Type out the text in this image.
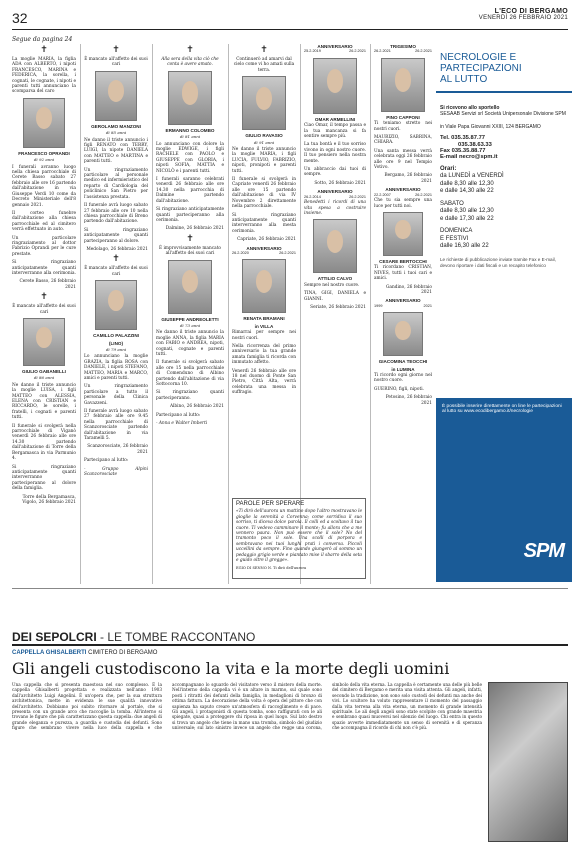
32	L'ECO DI BERGAMO
VENERDÌ 26 FEBBRAIO 2021
Segue da pagina 24
✝

La moglie MARIA, la figlia ADA con ALBERTO, i nipoti FRANCESCO, MARINA e FEDERICA, la sorella, i cognati, le cognate, i nipoti e parenti tutti annunciano la scomparsa del caro

FRANCESCO OPRANDI
di 92 anni

I funerali avranno luogo nella chiesa parrocchiale di Cerete Basso sabato 27 febbraio alle ore 16 partendo dall'abitazione in via Giuseppe Verdi 10 come da Decreto Ministeriale dell'8 gennaio 2021.

Il corteo funebre dall'abitazione alla chiesa parrocchiale ed al cimitero verrà effettuato in auto.

Un particolare ringraziamento al dottor Fabrizio Oprandi per le cure prestate.

Si ringraziano anticipatamente quanti interverranno alla cerimonia.

Cerete Basso, 26 febbraio 2021

✝

È mancato all'affetto dei suoi cari

GIULIO GABANELLI
di 86 anni

Ne danno il triste annuncio la moglie LUISA, i figli MATTEO con ALESSIA, ELENA con CRISTIAN e RICCARDO, le sorelle, i fratelli, i cognati e parenti tutti.

Il funerale si svolgerà nella parrocchiale di Viganò venerdì 26 febbraio alle ore 14.30 partendo dall'abitazione di Torre della Bergamasca in via Parmunio 4.

Si ringraziano anticipatamente quanti interverranno parteciperanno al dolore della famiglia.

Torre della Bergamasca, Vigolo, 26 febbraio 2021

✝

È mancato all'affetto dei suoi cari

GEROLAMO MANZONI
di 85 anni

Ne danno il triste annuncio i figli RENATO con TERRY, LUIGI, la nipote DANIELA con MATTEO e MARTINA e parenti tutti.

Un ringraziamento particolare al personale medico ed infermieristico del reparto di Cardiologia del policlinico San Pietro per l'assistenza prestata.

Il funerale avrà luogo sabato 27 febbraio alle ore 10 nella chiesa parrocchiale di Breno partendo dall'abitazione.

Si ringraziano anticipatamente quanti parteciperanno al dolore.

Medolago, 26 febbraio 2021

✝

È mancato all'affetto dei suoi cari

CAMILLO PALAZZINI
(LINO)
di 79 anni

Lo annunciano la moglie GRAZIA, la figlia ROSA con DANIELE, i nipoti STEFANO, MATTEO, MARIA e MARCO, amici e parenti tutti.

Un ringraziamento particolare a tutto il personale della Clinica Gavazzeni.

Il funerale avrà luogo sabato 27 febbraio alle ore 9.45 nella parrocchiale di Scanzorosciate partendo dall'abitazione in via Taramelli 5.

Scanzorosciate, 26 febbraio 2021

Partecipano al lutto:

- Gruppo Alpini Scanzorosciate

✝

Alla sera della vita ciò che conta è avere amato.

ERMANNO COLOMBO
di 81 anni

Lo annunciano con dolore la moglie EDWIGE, i figli RACHELE con PAOLO e GIUSEPPE con GLORIA, i nipoti SOFIA, MATTIA e NICOLÒ e i parenti tutti.

I funerali saranno celebrati venerdì 26 febbraio alle ore 14.30 nella parrocchia di Dalmine partendo dall'abitazione.

Si ringraziano anticipatamente quanti parteciperanno alla cerimonia.

Dalmine, 26 febbraio 2021

✝

È improvvisamente mancato all'affetto dei suoi cari

GIUSEPPE ANDREOLETTI
di 73 anni

Ne danno il triste annuncio la moglie ANNA, la figlia MARIA con FABIO e ANDREA, nipoti, cognati, cognate e parenti tutti.

Il funerale si svolgerà sabato alle ore 15 nella parrocchiale di Comenduno di Albino partendo dall'abitazione di via Sottocorna 10.

Si ringraziano quanti parteciperanno.

Albino, 26 febbraio 2021

Partecipano al lutto:

- Anna e Walter Imberti

✝

Continuerò ad amarvi dal cielo come vi ho amati sulla terra.

GIULIO RAVASIO
di 91 anni

Ne danno il triste annuncio la moglie MARIA, i figli LUCIA, FULVIO, FABRIZIO, nipoti, pronipoti e parenti tutti.

Il funerale si svolgerà in Capriate venerdì 26 febbraio alle ore 15 partendo dall'abitazione di via IV Novembre 2 direttamente nella parrocchiale.

Si ringraziano anticipatamente quanti interverranno alla mesta cerimonia.

Capriate, 26 febbraio 2021

ANNIVERSARIO
26.2.2020	26.2.2021
RENATA BRAMANI
in VILLA

Rimarrai per sempre nei nostri cuori.

Nella ricorrenza del primo anniversario la tua grande amata famiglia ti ricorda con immutato affetto.

Venerdì 26 febbraio alle ore 18 nel duomo di Ponte San Pietro, Città Alta, verrà celebrata una messa in suffragio.

ANNIVERSARIO
25.2.2019	26.2.2021
OMAR ARMELLINI

Ciao Omar, il tempo passa e la tua mancanza si fa sentire sempre più.

La tua bontà e il tuo sorriso vivono in ogni nostro cuore. Il tuo pensiero nella nostra mente.

Un abbraccio dai tuoi di sempre.

Sotto, 26 febbraio 2021

ANNIVERSARIO
26.2.2014	26.2.2021

Benedetti i ricordi di una vita spesa a costruire insieme.

ATTILIO CALVO

Sempre nel nostro cuore.

TINA, GIGI, DANIELA e GIANNI.

Seriate, 26 febbraio 2021

PAROLE PER SPERARE

«Ti dirò dell'aurora un mattino dopo l'altro mostravano le gioglie la serenità a Corvenna; come sorridiva il suo sorriso, ti diceva dolce parola. Il colli ed a scoltavo il tuo cuore. Ti vedevo camminare il monte; fu allora che a me vennero paura. Non può essere che il sole? No del tramonto poco il sole. Una scolli di porpora e sembravano nei tuoi lunghi prati i conversa. Piccoli uccellini da sempre. Fino quando giungerò al sommo un pedaggio grigio verde e piantato mise il sbarro della seta e guido oltre il gregge».

EGIO DI SENNO N. Ti dirò dell'aurora

TRIGESIMO
26.2.2021	26.2.2021
PINO CAPPONI

Ti teniamo stretto nei nostri cuori.

MAURIZIO, SABRINA, CHIARA.

Una santa messa verrà celebrata oggi 26 febbraio alle ore 9 nel Tempio Votivo.

Bergamo, 26 febbraio 2021

ANNIVERSARIO
22.2.2007	26.2.2021

Che tu sia sempre una luce per tutti noi.

CESARE BERTOCCHI

Ti ricordano CRISTIAN, NIVES, tutti i tuoi cari e amici.

Gandino, 26 febbraio 2021

ANNIVERSARIO
1999	2021
GIACOMINA TEOCCHI
in LUMINA

Ti ricordo ogni giorno nel nostro cuore.

GUERINO, figli, nipoti.

Petosino, 26 febbraio 2021

NECROLOGIE E
PARTECIPAZIONI
AL LUTTO
Si ricevono allo sportello
SESAAB Servizi srl Società Unipersonale Divisione SPM
in Viale Papa Giovanni XXIII, 124 BERGAMO
Tel. 035.35.87.77
035.38.63.33
Fax 035.35.88.77
E-mail necro@spm.it
Orari:
da LUNEDÌ a VENERDÌ
dalle 8,30 alle 12,30
e dalle 14,30 alle 22
SABATO
dalle 8,30 alle 12,30
e dalle 17,30 alle 22
DOMENICA
E FESTIVI
dalle 16,30 alle 22
Le richieste di pubblicazione inviate tramite Fax e E-mail, devono riportare i dati fiscali e un recapito telefonico
È possibile inserire direttamente on line le partecipazioni al lutto su www.ecodibergamo.it/necrologie
SPM
DEI SEPOLCRI - LE TOMBE RACCONTANO
CAPPELLA GHISALBERTI CIMITERO DI BERGAMO
Gli angeli custodiscono la vita e la morte degli uomini
Una cappella che si presenta maestosa nel suo complesso. È la cappella Ghisalberti progettata e realizzata nell'anno 1903 dall'architetto Luigi Angelini. È un'opera che, per la sua struttura architettonica, mette in evidenza le sue qualità innovative dell'architetto. Dobbiamo poi subito ritornare al portale, che si presenta con un grande arco che raccoglie la tomba. All'interno si trovano le figure che più caratterizzano questa cappella: due angeli di grande eleganza e purezza, a guardia e custodia dei defunti. Sono figure che sembrano vivere nella luce della cappella e che accompagnano lo sguardo del visitatore verso il mistero della morte. Nell'interno della cappella vi è un altare in marmo, sul quale sono posti i ritratti dei defunti della famiglia, in medaglioni di bronzo di ottima fattura. La decorazione della volta è opera del pittore che con sapienza ha saputo creare un'atmosfera di raccoglimento e di pace. Gli angeli, i protagonisti di questa tomba, sono raffigurati con le ali spiegate, quasi a proteggere chi riposa in quel luogo. Sul lato destro si trova un angelo che tiene in mano una tromba, simbolo del giudizio universale; sul lato sinistro invece un angelo che regge una corona, simbolo della vita eterna. La cappella è certamente una delle più belle del cimitero di Bergamo e merita una visita attenta. Gli angeli, infatti, secondo la tradizione, non sono solo custodi dei defunti ma anche dei vivi. Lo scultore ha voluto rappresentare il momento del passaggio dalla vita terrena alla vita eterna, un momento di grande intensità spirituale. Le ali degli angeli sono state scolpite con grande maestria e sembrano quasi muoversi nel silenzio del luogo. Chi entra in questo spazio avverte immediatamente un senso di serenità e di speranza che accompagna il ricordo di chi non c'è più.
